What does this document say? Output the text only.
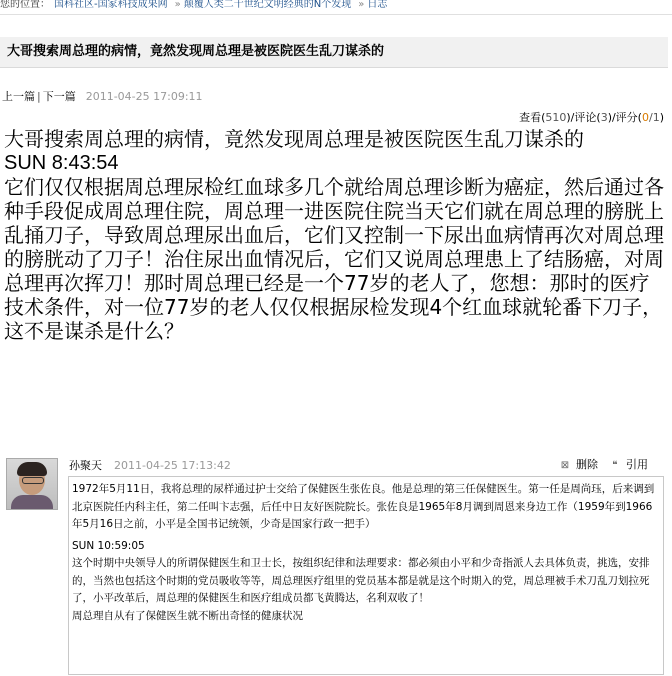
您的位置： 国科社区-国家科技成果网 » 颠覆人类二十世纪文明经典的N个发现 » 日志
大哥搜索周总理的病情，竟然发现周总理是被医院医生乱刀谋杀的
上一篇 | 下一篇 2011-04-25 17:09:11
查看(510)/评论(3)/评分(0/1)

大哥搜索周总理的病情，竟然发现周总理是被医院医生乱刀谋杀的

SUN 8:43:54

它们仅仅根据周总理尿检红血球多几个就给周总理诊断为癌症，然后通过各种手段促成周总理住院，周总理一进医院住院当天它们就在周总理的膀胱上乱捅刀子，导致周总理尿出血后，它们又控制一下尿出血病情再次对周总理的膀胱动了刀子！治住尿出血情况后，它们又说周总理患上了结肠癌，对周总理再次挥刀！那时周总理已经是一个77岁的老人了，您想：那时的医疗技术条件，对一位77岁的老人仅仅根据尿检发现4个红血球就轮番下刀子，这不是谋杀是什么？

孙聚天 2011-04-25 17:13:42	⊠ 删除 ❝ 引用

1972年5月11日，我将总理的尿样通过护士交给了保健医生张佐良。他是总理的第三任保健医生。第一任是周尚珏，后来调到北京医院任内科主任，第二任叫卞志强，后任中日友好医院院长。张佐良是1965年8月调到周恩来身边工作（1959年到1966年5月16日之前，小平是全国书记统领，少奇是国家行政一把手）

SUN 10:59:05

这个时期中央领导人的所谓保健医生和卫士长，按组织纪律和法理要求：都必须由小平和少奇指派人去具体负责，挑选，安排的，当然也包括这个时期的党员吸收等等，周总理医疗组里的党员基本都是就是这个时期入的党，周总理被手术刀乱刀划拉死了，小平改革后，周总理的保健医生和医疗组成员都飞黄腾达，名利双收了！

周总理自从有了保健医生就不断出奇怪的健康状况
